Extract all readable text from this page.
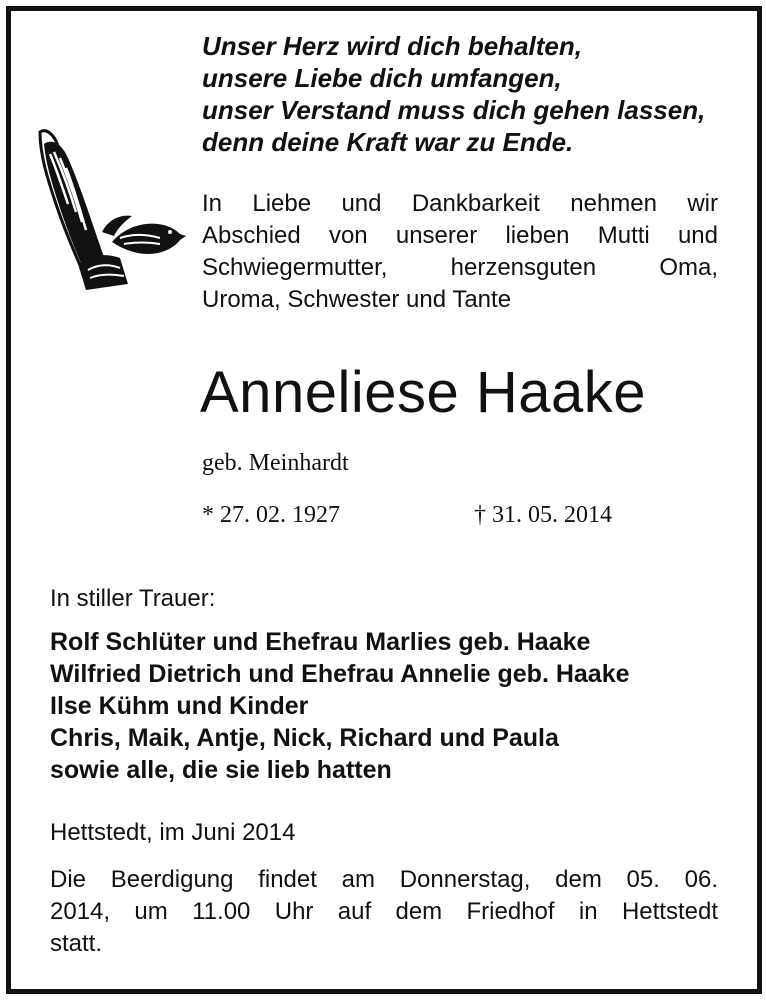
Unser Herz wird dich behalten,
unsere Liebe dich umfangen,
unser Verstand muss dich gehen lassen,
denn deine Kraft war zu Ende.
In Liebe und Dankbarkeit nehmen wir
Abschied von unserer lieben Mutti und
Schwiegermutter, herzensguten Oma,
Uroma, Schwester und Tante
Anneliese Haake
geb. Meinhardt
* 27. 02. 1927	† 31. 05. 2014
In stiller Trauer:
Rolf Schlüter und Ehefrau Marlies geb. Haake
Wilfried Dietrich und Ehefrau Annelie geb. Haake
Ilse Kühm und Kinder
Chris, Maik, Antje, Nick, Richard und Paula
sowie alle, die sie lieb hatten
Hettstedt, im Juni 2014
Die Beerdigung findet am Donnerstag, dem 05. 06.
2014, um 11.00 Uhr auf dem Friedhof in Hettstedt
statt.
